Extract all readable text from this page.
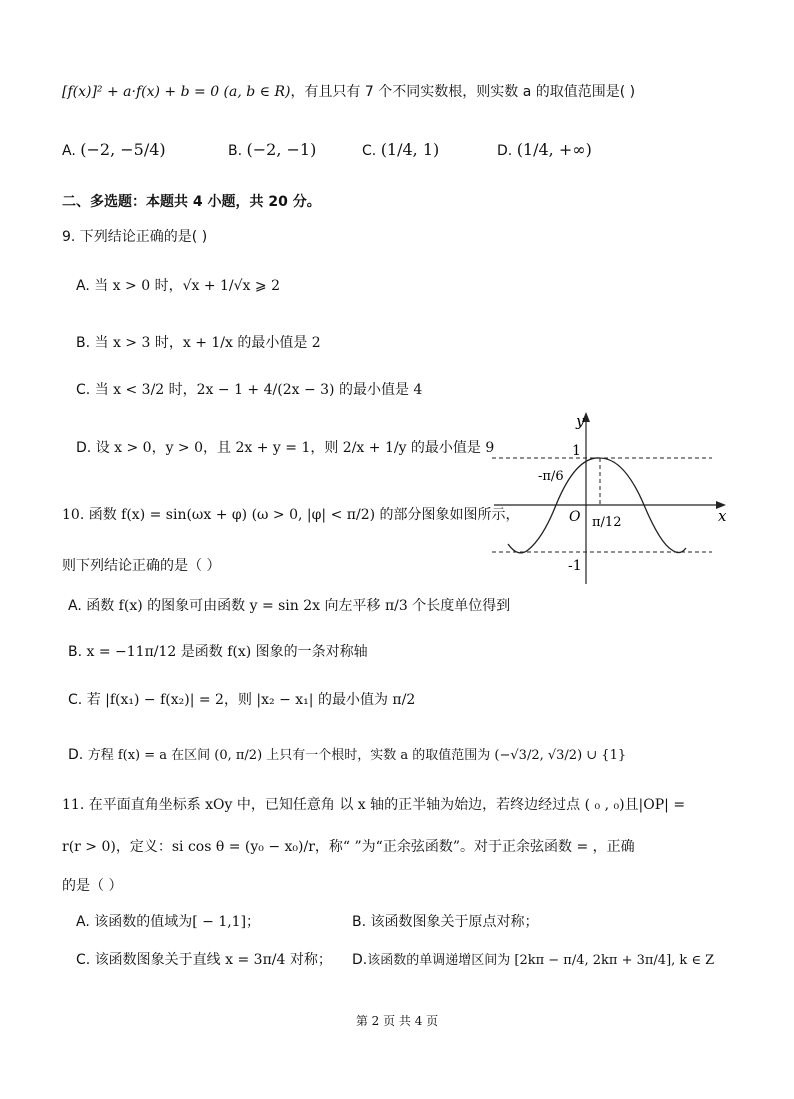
[f(x)]² + a·f(x) + b = 0 (a, b ∈ R)，有且只有 7 个不同实数根，则实数 a 的取值范围是( )
A. (−2, −5/4)	B. (−2, −1)	C. (1/4, 1)	D. (1/4, +∞)
二、多选题：本题共 4 小题，共 20 分。
9. 下列结论正确的是( )
A. 当 x > 0 时，√x + 1/√x ⩾ 2
B. 当 x > 3 时，x + 1/x 的最小值是 2
C. 当 x < 3/2 时，2x − 1 + 4/(2x − 3) 的最小值是 4
D. 设 x > 0，y > 0，且 2x + y = 1，则 2/x + 1/y 的最小值是 9
y
x
1
-1
O
-π/6
π/12
10. 函数 f(x) = sin(ωx + φ) (ω > 0, |φ| < π/2) 的部分图象如图所示，
则下列结论正确的是（ ）
A. 函数 f(x) 的图象可由函数 y = sin 2x 向左平移 π/3 个长度单位得到
B. x = −11π/12 是函数 f(x) 图象的一条对称轴
C. 若 |f(x₁) − f(x₂)| = 2，则 |x₂ − x₁| 的最小值为 π/2
D. 方程 f(x) = a 在区间 (0, π/2) 上只有一个根时，实数 a 的取值范围为 (−√3/2, √3/2) ∪ {1}
11. 在平面直角坐标系 xOy 中，已知任意角 以 x 轴的正半轴为始边，若终边经过点 ( ₀ , ₀)且|OP| =
r(r > 0)，定义：si cos θ = (y₀ − x₀)/r，称“ ”为“正余弦函数”。对于正余弦函数 = ，正确
的是（ ）
A. 该函数的值域为[ − 1,1]；	B. 该函数图象关于原点对称；
C. 该函数图象关于直线 x = 3π/4 对称； D.该函数的单调递增区间为 [2kπ − π/4, 2kπ + 3π/4], k ∈ Z
第 2 页 共 4 页
